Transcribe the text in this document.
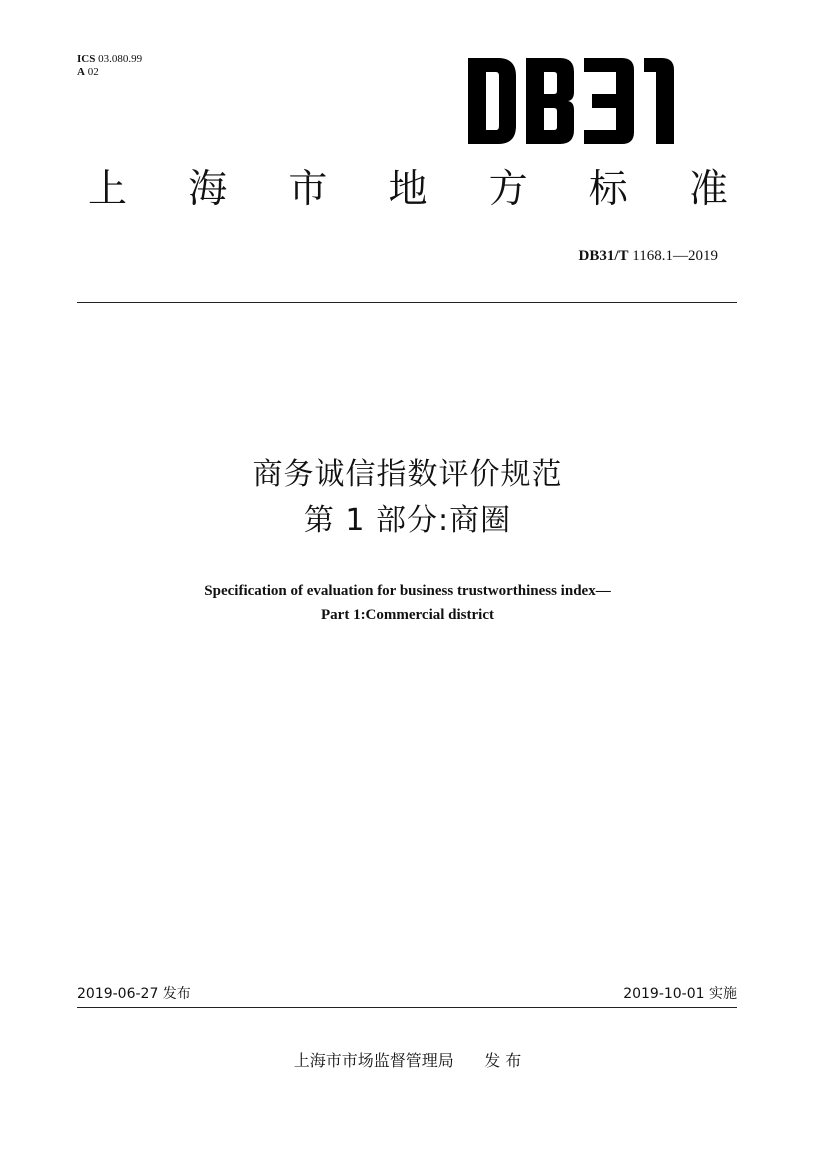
ICS 03.080.99
A 02
上 海 市 地 方 标 准
DB31/T 1168.1—2019
商务诚信指数评价规范
第 1 部分:商圈
Specification of evaluation for business trustworthiness index—
Part 1:Commercial district
2019-06-27 发布	2019-10-01 实施
上海市市场监督管理局 发 布
